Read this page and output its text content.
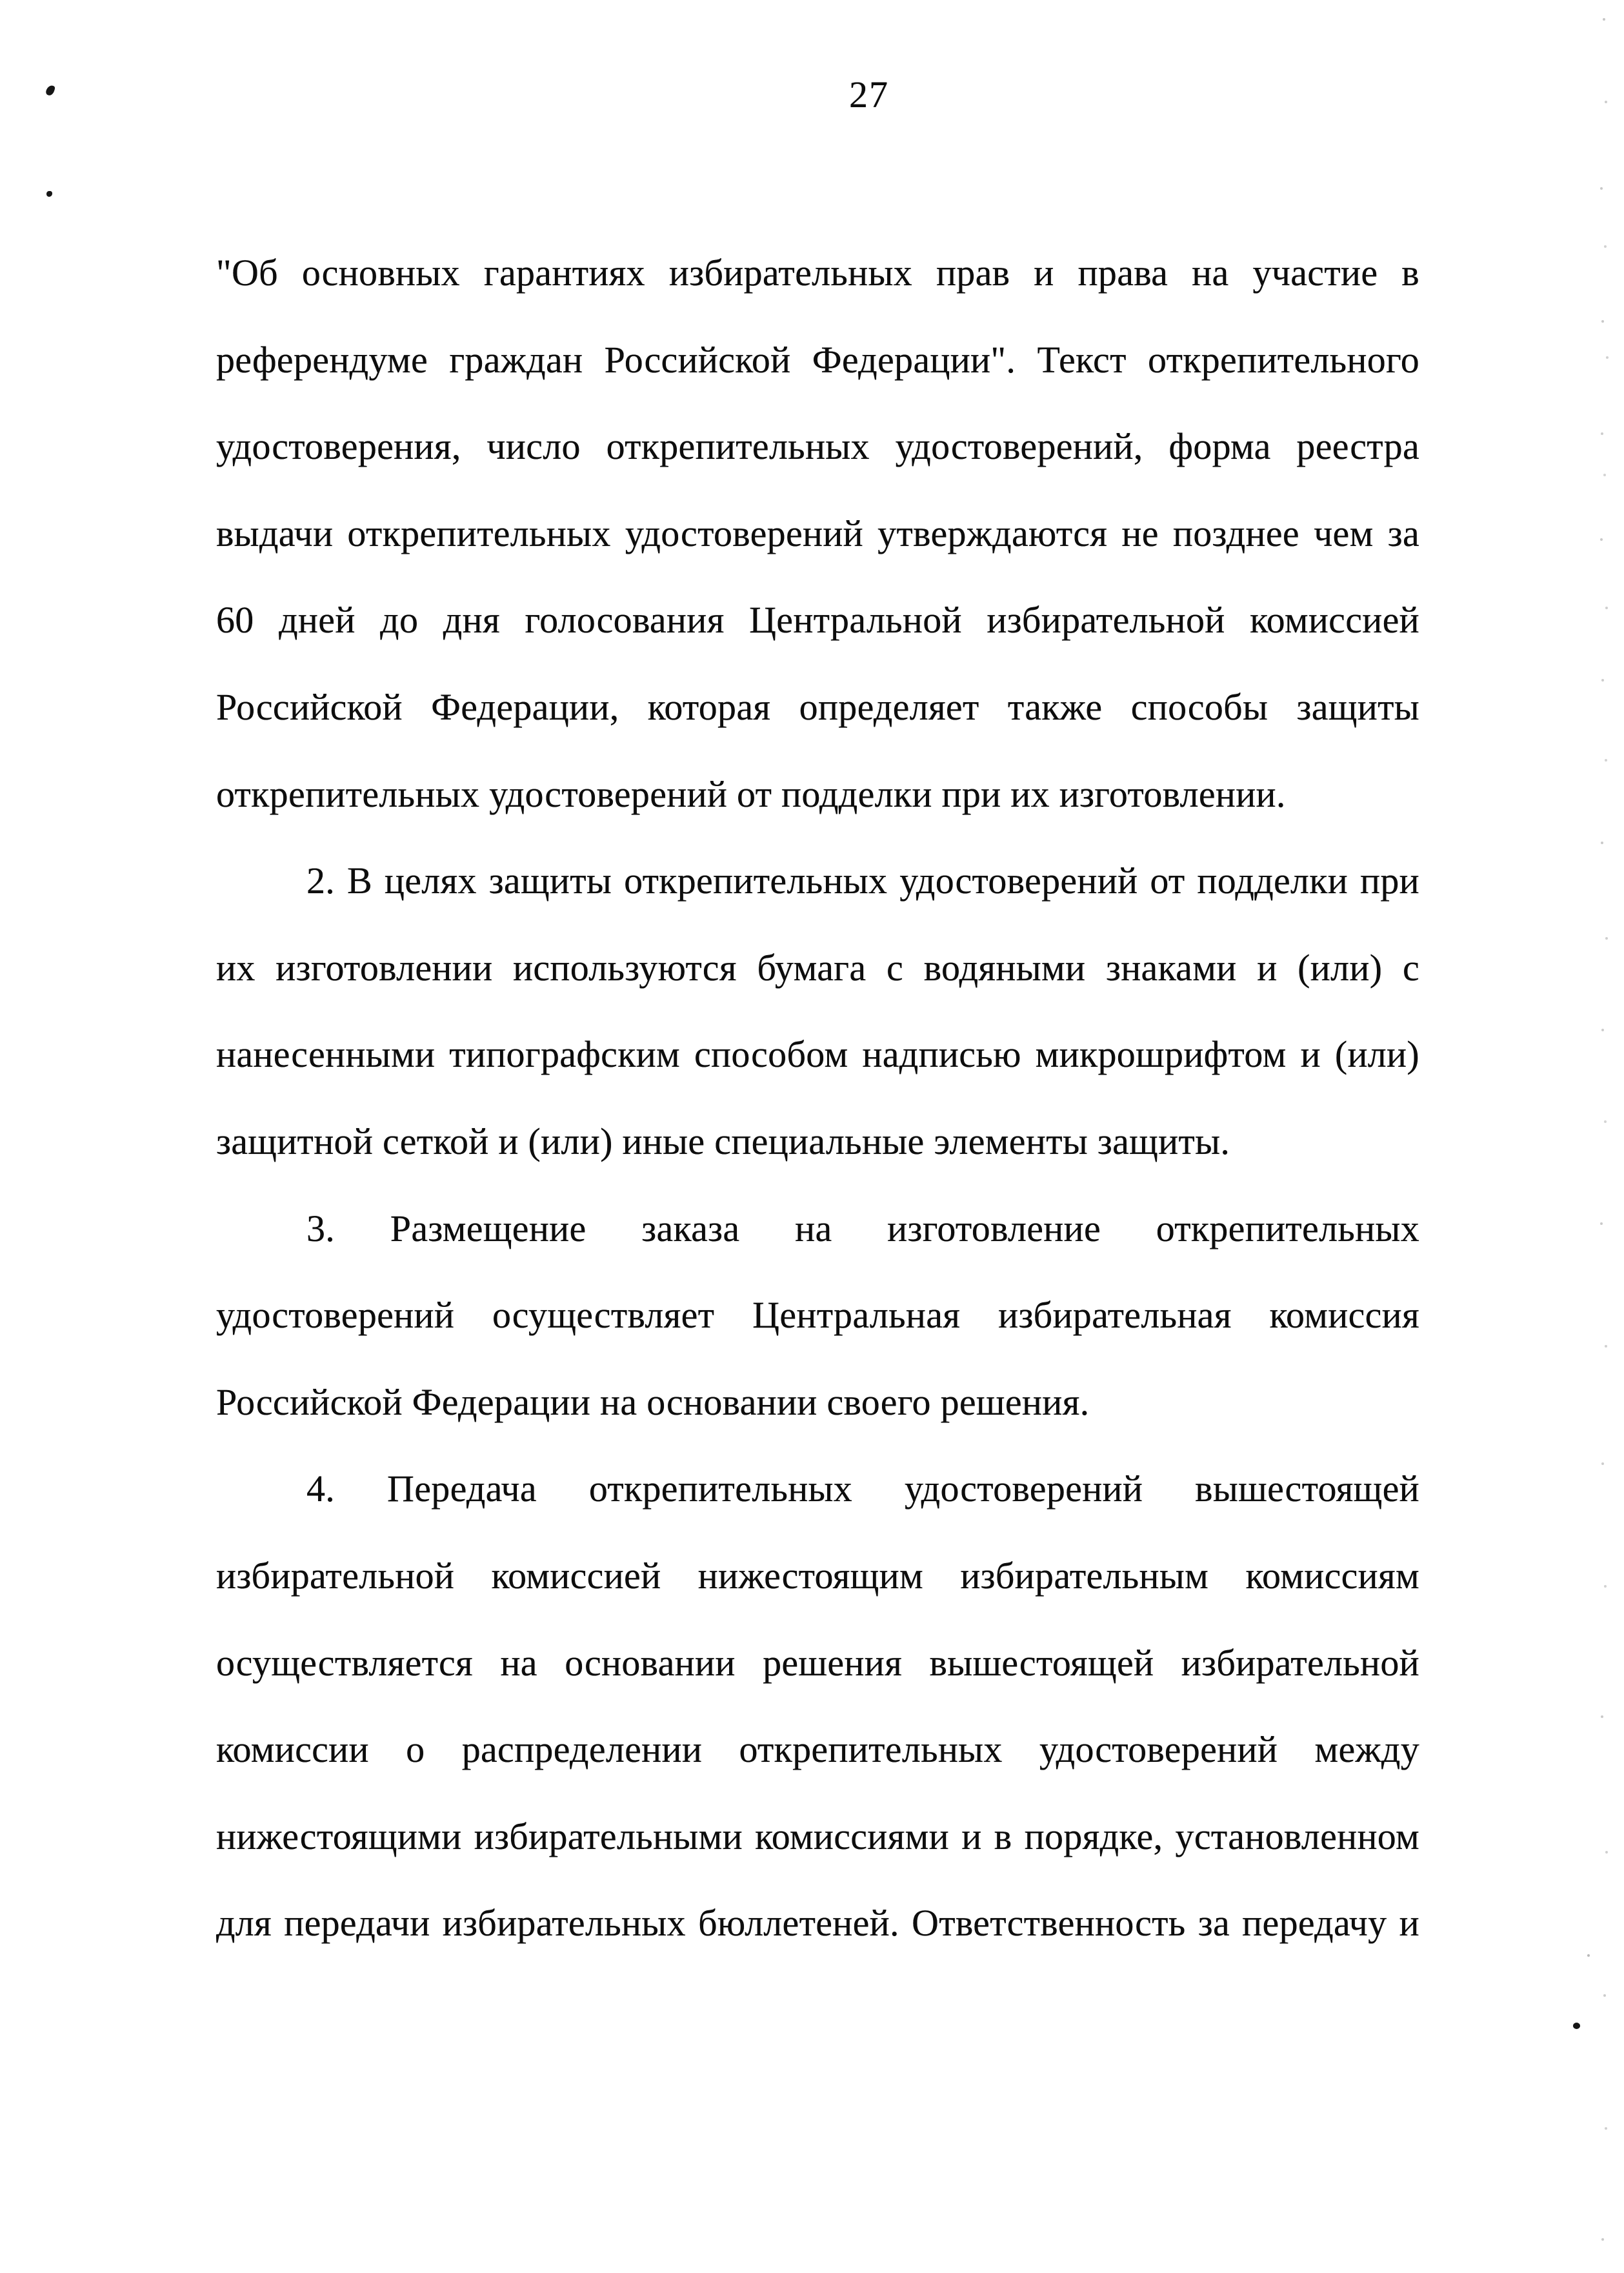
27
"Об основных гарантиях избирательных прав и права на участие в
референдуме граждан Российской Федерации". Текст открепительного
удостоверения, число открепительных удостоверений, форма реестра
выдачи открепительных удостоверений утверждаются не позднее чем за
60 дней до дня голосования Центральной избирательной комиссией
Российской Федерации, которая определяет также способы защиты
открепительных удостоверений от подделки при их изготовлении.
2. В целях защиты открепительных удостоверений от подделки при
их изготовлении используются бумага с водяными знаками и (или) с
нанесенными типографским способом надписью микрошрифтом и (или)
защитной сеткой и (или) иные специальные элементы защиты.
3. Размещение заказа на изготовление открепительных
удостоверений осуществляет Центральная избирательная комиссия
Российской Федерации на основании своего решения.
4. Передача открепительных удостоверений вышестоящей
избирательной комиссией нижестоящим избирательным комиссиям
осуществляется на основании решения вышестоящей избирательной
комиссии о распределении открепительных удостоверений между
нижестоящими избирательными комиссиями и в порядке, установленном
для передачи избирательных бюллетеней. Ответственность за передачу и
